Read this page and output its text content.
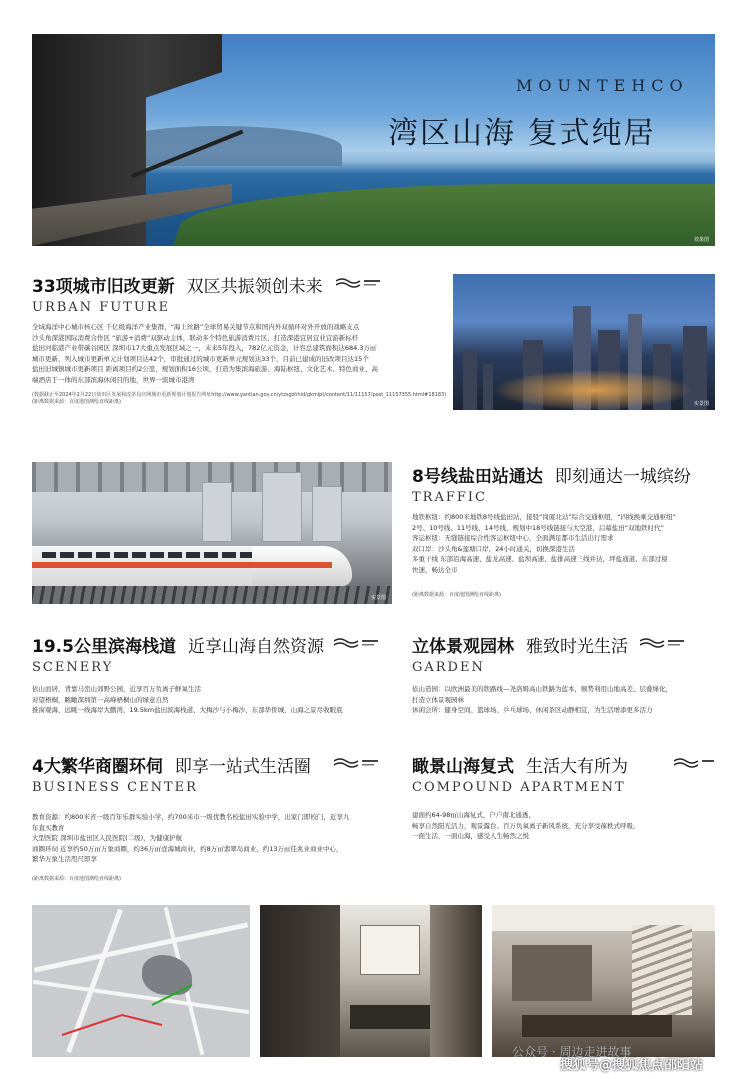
效果图
MOUNTEHCO
湾区山海 复式纯居
33项城市旧改更新 双区共振领创未来
URBAN FUTURE
全域海洋中心城市核心区 千亿级海洋产业集群，“海上丝路”全球贸易关键节点和国内外双循环对外开放的战略支点
沙头角深港国际消费合作区 “旅游+消费”双驱动主体，联动多个特色旅游消费片区，打造深港宜居宜业宜游新标杆
盐田河临港产业带碳谷园区 深圳市17大重点发展区域之一，未来5年投入，782亿元资金，计容总建筑面积达684.3万㎡
城市更新，列入城市更新单元计划项目达42个，审批通过的城市更新单元规划达33个，目前已建成的旧改项目达15个
盐田旧城镇城市更新项目 距离项目约2公里，规划面积16公顷，打造为集滨海旅游、海陆枢纽、文化艺术、特色商业、高
端酒店于一体的东部滨海休闲目的地，世界一流城市港湾
(数据截止至2024年2月22日盐田区发展和改革局官网城市更新规划计划报告网址http://www.yantian.gov.cn/ytzsgzhhid/gkmlpt/content/11/11157/post_11157355.html#18183)
(距离数据来源：百度地图测绘直线距离)	实景图
实景图
8号线盐田站通达 即刻通达一城缤纷
TRAFFIC
地铁枢纽：约800米地铁8号线盐田站，接驳“岗厦北站”综合交通枢纽，“四线换乘交通枢纽”
2号、10号线、11号线、14号线，规划中18号线链接与大空港，启幕盐田“双地铁时代”
客运枢纽：无缝链接综合性客运枢纽中心，全面满足都市生活出行需求
双口岸：沙头角&莲塘口岸，24小时通关，切换深港生活
多重干线 东部沿海高速、盐龙高速、盐坝高速、盐排高速三线并达，坪盐通道、东部过境
快速，畅达全市
(距离数据来源：百度地图测绘直线距离)
19.5公里滨海栈道 近享山海自然资源
SCENERY
依山而居，背靠马峦山郊野公园，近享百万负离子鲜氧生活
对望梧桐，眺瞰深圳第一高峰梧桐山的绿意自然
推窗观海，远眺一线海岸大鹏湾，19.5km盐田滨海栈道、大梅沙与小梅沙、东部华侨城，山海之景尽收眼底
立体景观园林 雅致时光生活
GARDEN
依山造园：以欧洲最美的铁路线—尧洛姆高山铁路为蓝本，顺势利用山地高差、层叠绿化，
打造立体景观园林
休闲会所：健身空间、篮球场、乒乓球场、休闲茶区动静相宜，为生活增添更多活力
4大繁华商圈环伺 即享一站式生活圈
BUSINESS CENTER
教育资源：约800米省一级百年乐群实验小学，约700米市一级优教名校盐田实验中学，出家门即校门，近享九
年直买教育
大型医院 深圳市盐田区人民医院(二级)，为健康护航
商圈环伺 近享约50万㎡万象商圈，约36万㎡壹海城商业，约8万㎡翡翠岛商业，约13万㎡佳兆业商业中心，
繁华万象生活咫尺即享
(距离数据来源：百度地图测绘直线距离)
瞰景山海复式 生活大有所为
COMPOUND APARTMENT
建面约64-98㎡山海复式，户户南北通透，
畅享自然阳光活力，观景露台、百万负氧离子新风系统，充分享受葆秩式呼吸，
一面生活，一面山海，感受人生畅然之悦
公众号 · 周边走进故事
搜狐号@搜狐焦点邵阳站
